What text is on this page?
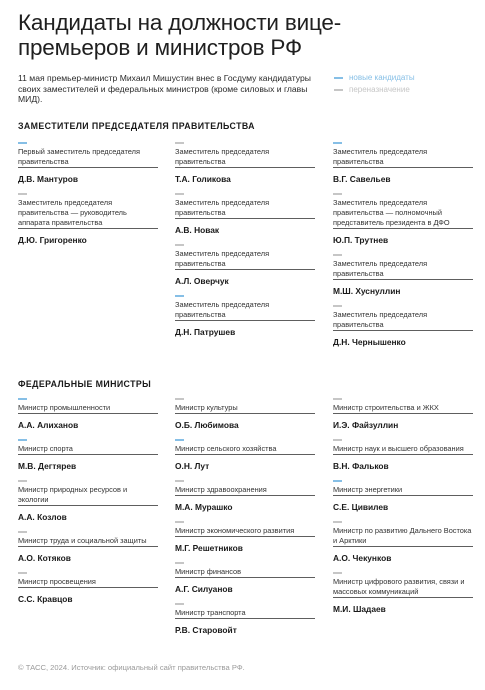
Кандидаты на должности вице-премьеров и министров РФ
11 мая премьер-министр Михаил Мишустин внес в Госдуму кандидатуры своих заместителей и федеральных министров (кроме силовых и главы МИД).
новые кандидаты
переназначение
ЗАМЕСТИТЕЛИ ПРЕДСЕДАТЕЛЯ ПРАВИТЕЛЬСТВА
Первый заместитель председателя правительства
Д.В. Мантуров
Заместитель председателя правительства — руководитель аппарата правительства
Д.Ю. Григоренко
Заместитель председателя правительства
Т.А. Голикова
Заместитель председателя правительства
А.В. Новак
Заместитель председателя правительства
А.Л. Оверчук
Заместитель председателя правительства
Д.Н. Патрушев
Заместитель председателя правительства
В.Г. Савельев
Заместитель председателя правительства — полномочный представитель президента в ДФО
Ю.П. Трутнев
Заместитель председателя правительства
М.Ш. Хуснуллин
Заместитель председателя правительства
Д.Н. Чернышенко
ФЕДЕРАЛЬНЫЕ МИНИСТРЫ
Министр промышленности
А.А. Алиханов
Министр спорта
М.В. Дегтярев
Министр природных ресурсов и экологии
А.А. Козлов
Министр труда и социальной защиты
А.О. Котяков
Министр просвещения
С.С. Кравцов
Министр культуры
О.Б. Любимова
Министр сельского хозяйства
О.Н. Лут
Министр здравоохранения
М.А. Мурашко
Министр экономического развития
М.Г. Решетников
Министр финансов
А.Г. Силуанов
Министр транспорта
Р.В. Старовойт
Министр строительства и ЖКХ
И.Э. Файзуллин
Министр наук и высшего образования
В.Н. Фальков
Министр энергетики
С.Е. Цивилев
Министр по развитию Дальнего Востока и Арктики
А.О. Чекунков
Министр цифрового развития, связи и массовых коммуникаций
М.И. Шадаев
© ТАСС, 2024. Источник: официальный сайт правительства РФ.
